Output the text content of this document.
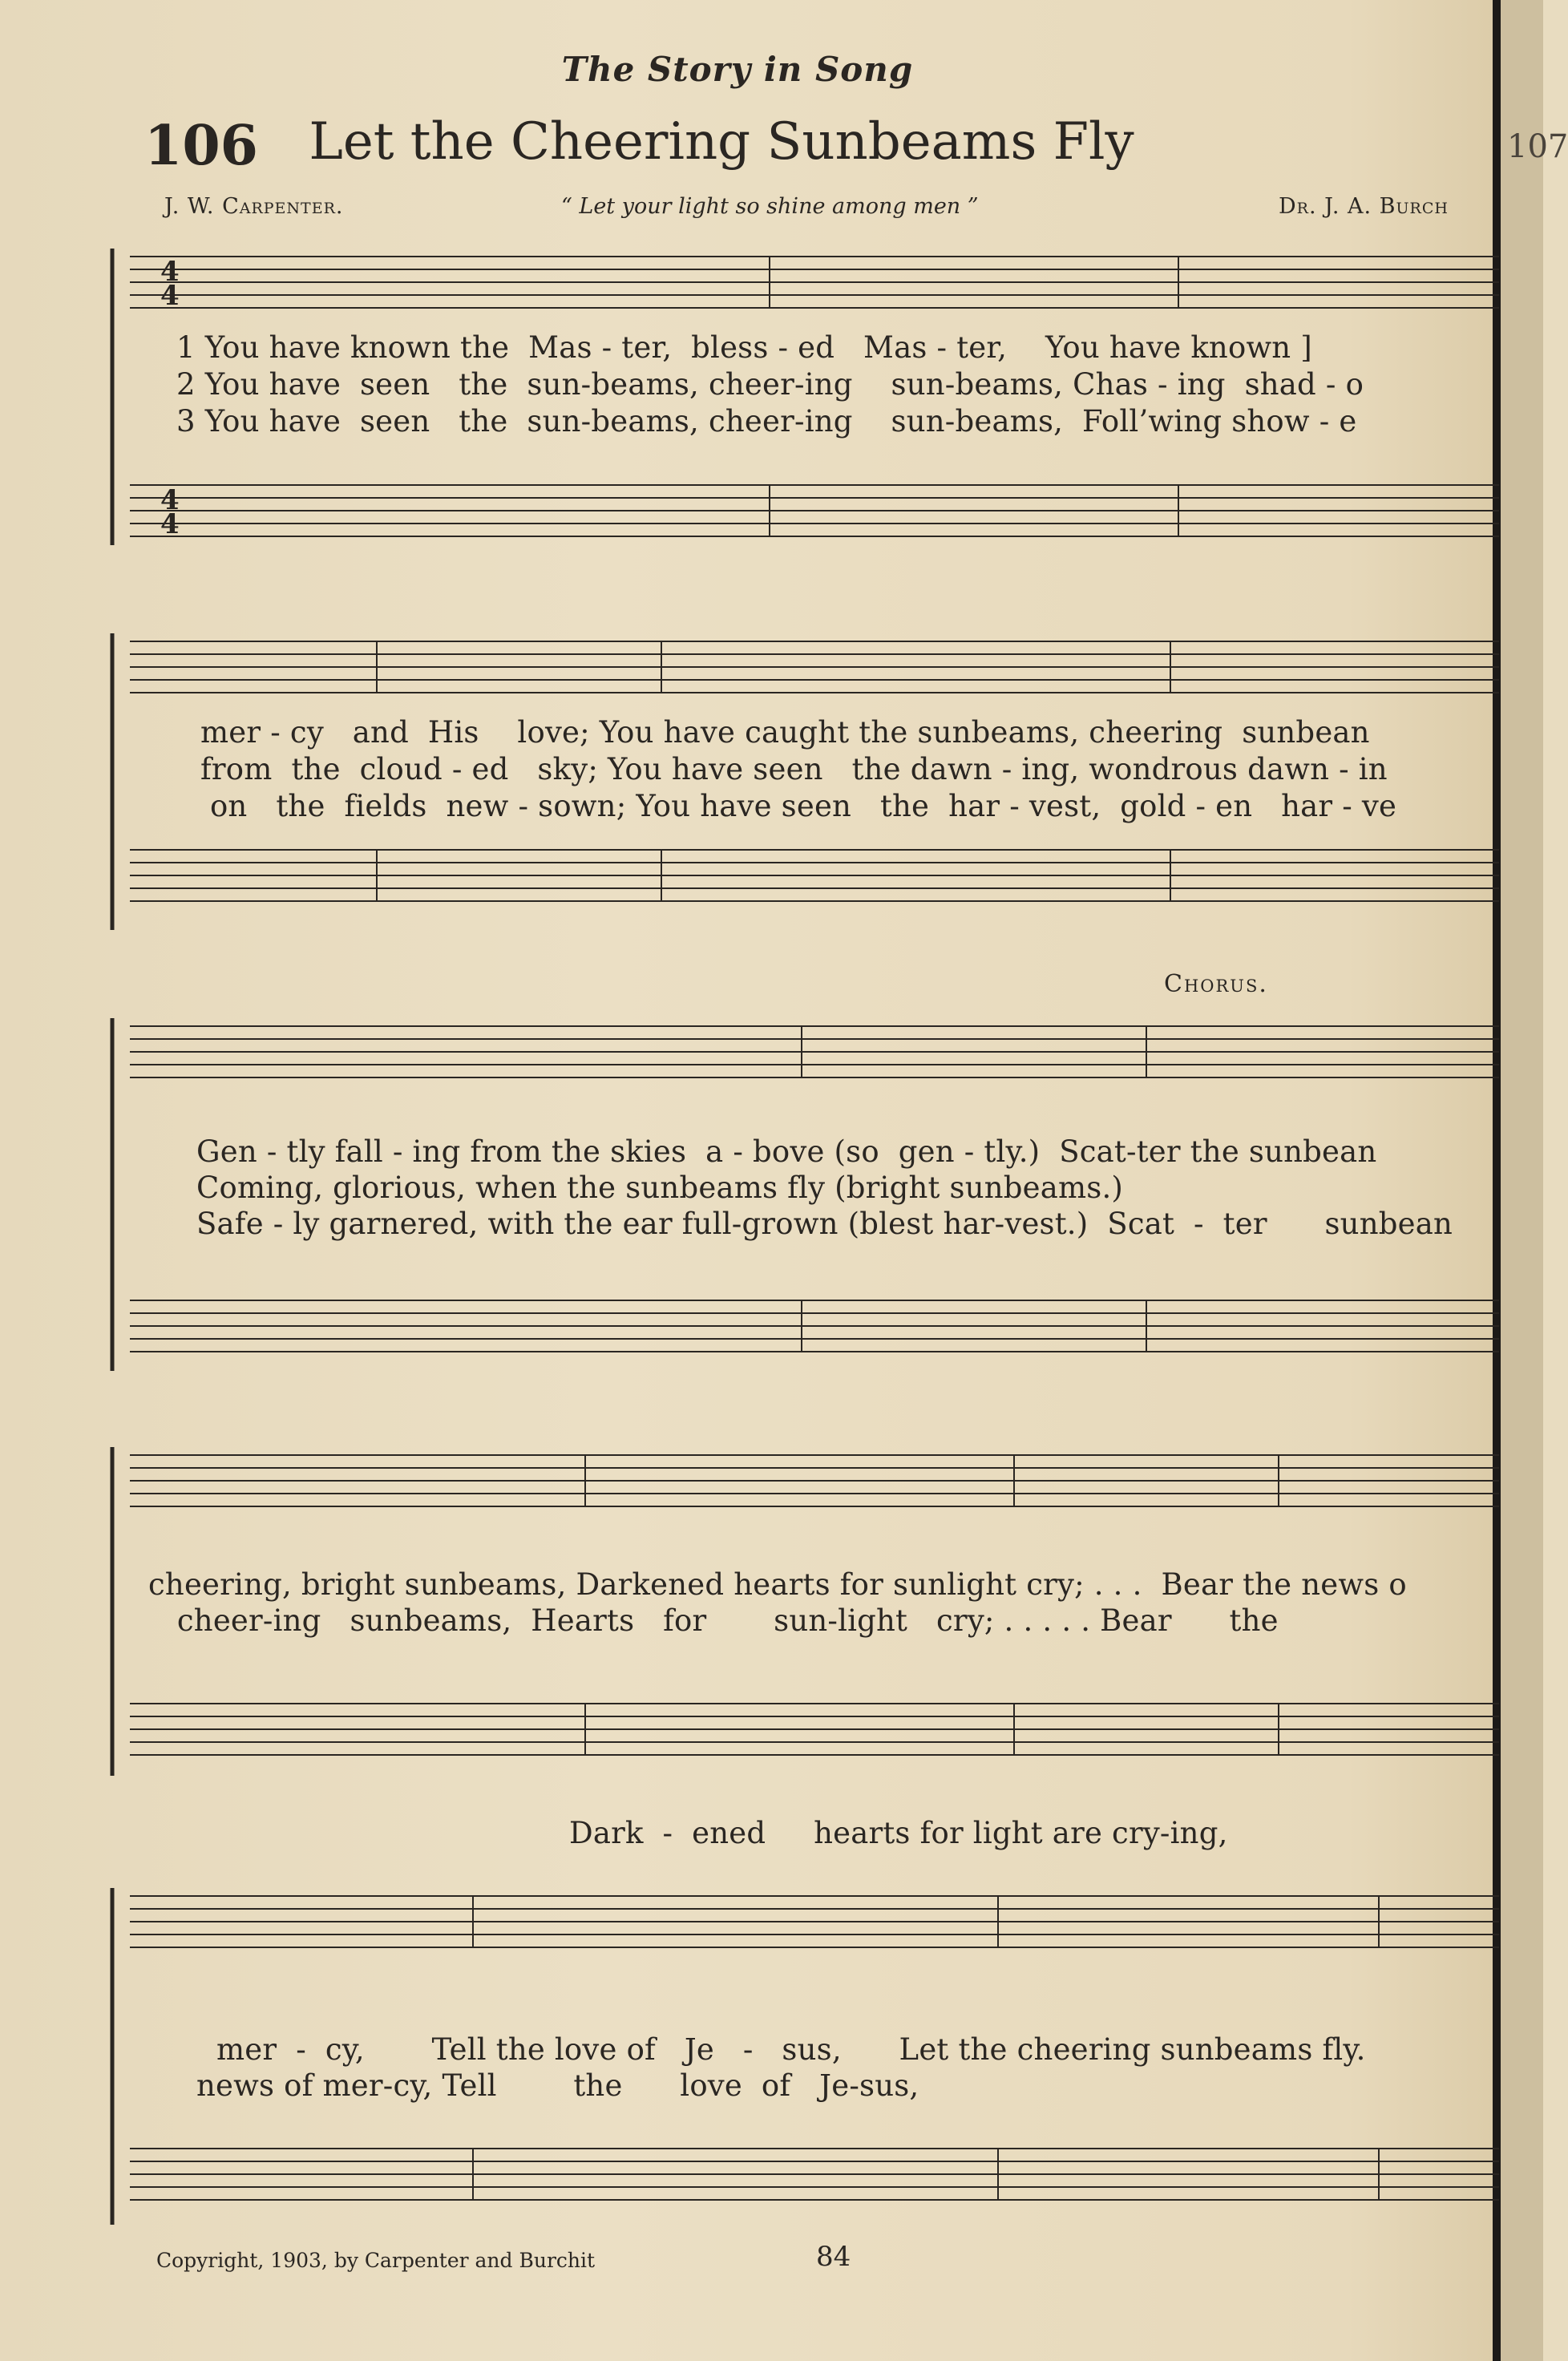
107
The Story in Song
106 Let the Cheering Sunbeams Fly
J. W. Carpenter.	“ Let your light so shine among men ”	Dr. J. A. Burch
4
4
4
4
1 You have known the  Mas - ter,  bless - ed   Mas - ter,    You have known ]
2 You have  seen   the  sun-beams, cheer-ing    sun-beams, Chas - ing  shad - o
3 You have  seen   the  sun-beams, cheer-ing    sun-beams,  Foll’wing show - e
mer - cy   and  His    love; You have caught the sunbeams, cheering  sunbean
from  the  cloud - ed   sky; You have seen   the dawn - ing, wondrous dawn - in
on   the  fields  new - sown; You have seen   the  har - vest,  gold - en   har - ve
Chorus.
Gen - tly fall - ing from the skies  a - bove (so  gen - tly.)  Scat-ter the sunbean
Coming, glorious, when the sunbeams fly (bright sunbeams.)
Safe - ly garnered, with the ear full-grown (blest har-vest.)  Scat  -  ter      sunbean
cheering, bright sunbeams, Darkened hearts for sunlight cry; . . .  Bear the news o
cheer-ing   sunbeams,  Hearts   for       sun-light   cry; . . . . . Bear      the
Dark  -  ened     hearts for light are cry-ing,
mer  -  cy,       Tell the love of   Je   -   sus,      Let the cheering sunbeams fly.
news of mer-cy, Tell        the      love  of   Je-sus,
Copyright, 1903, by Carpenter and Burchit	84
